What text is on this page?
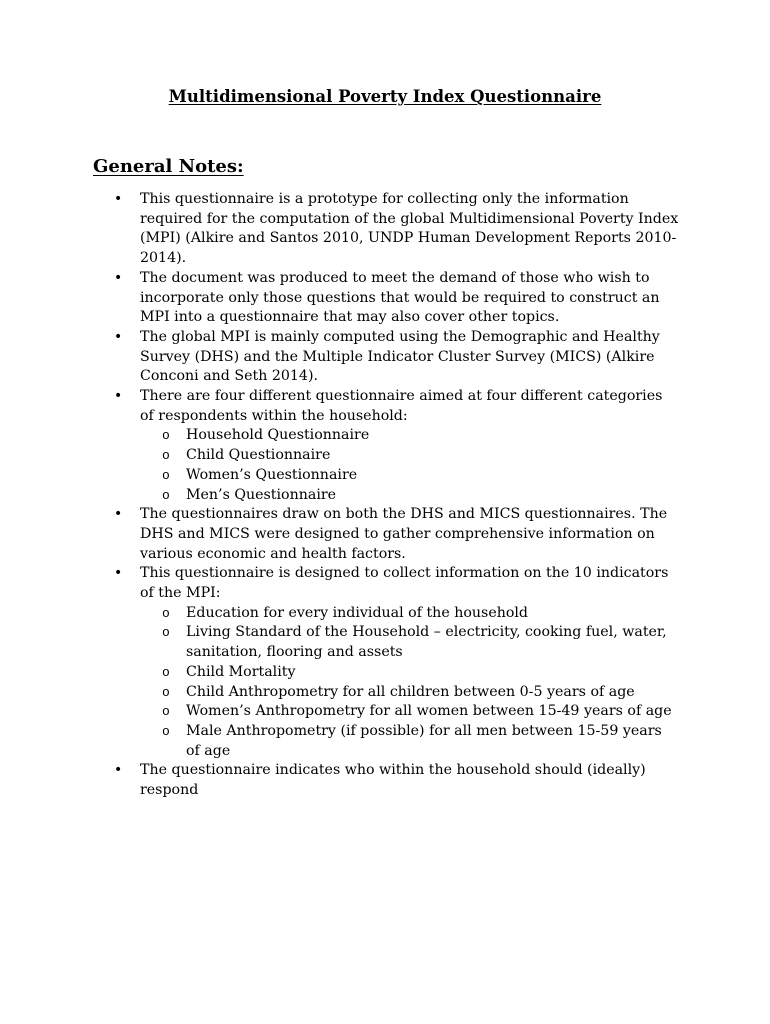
Multidimensional Poverty Index Questionnaire
General Notes:
• This questionnaire is a prototype for collecting only the information required for the computation of the global Multidimensional Poverty Index (MPI) (Alkire and Santos 2010, UNDP Human Development Reports 2010-2014).
• The document was produced to meet the demand of those who wish to incorporate only those questions that would be required to construct an MPI into a questionnaire that may also cover other topics.
• The global MPI is mainly computed using the Demographic and Healthy Survey (DHS) and the Multiple Indicator Cluster Survey (MICS) (Alkire Conconi and Seth 2014).
• There are four different questionnaire aimed at four different categories of respondents within the household:
o Household Questionnaire
o Child Questionnaire
o Women’s Questionnaire
o Men’s Questionnaire
• The questionnaires draw on both the DHS and MICS questionnaires. The DHS and MICS were designed to gather comprehensive information on various economic and health factors.
• This questionnaire is designed to collect information on the 10 indicators of the MPI:
o Education for every individual of the household
o Living Standard of the Household – electricity, cooking fuel, water, sanitation, flooring and assets
o Child Mortality
o Child Anthropometry for all children between 0-5 years of age
o Women’s Anthropometry for all women between 15-49 years of age
o Male Anthropometry (if possible) for all men between 15-59 years of age
• The questionnaire indicates who within the household should (ideally) respond
